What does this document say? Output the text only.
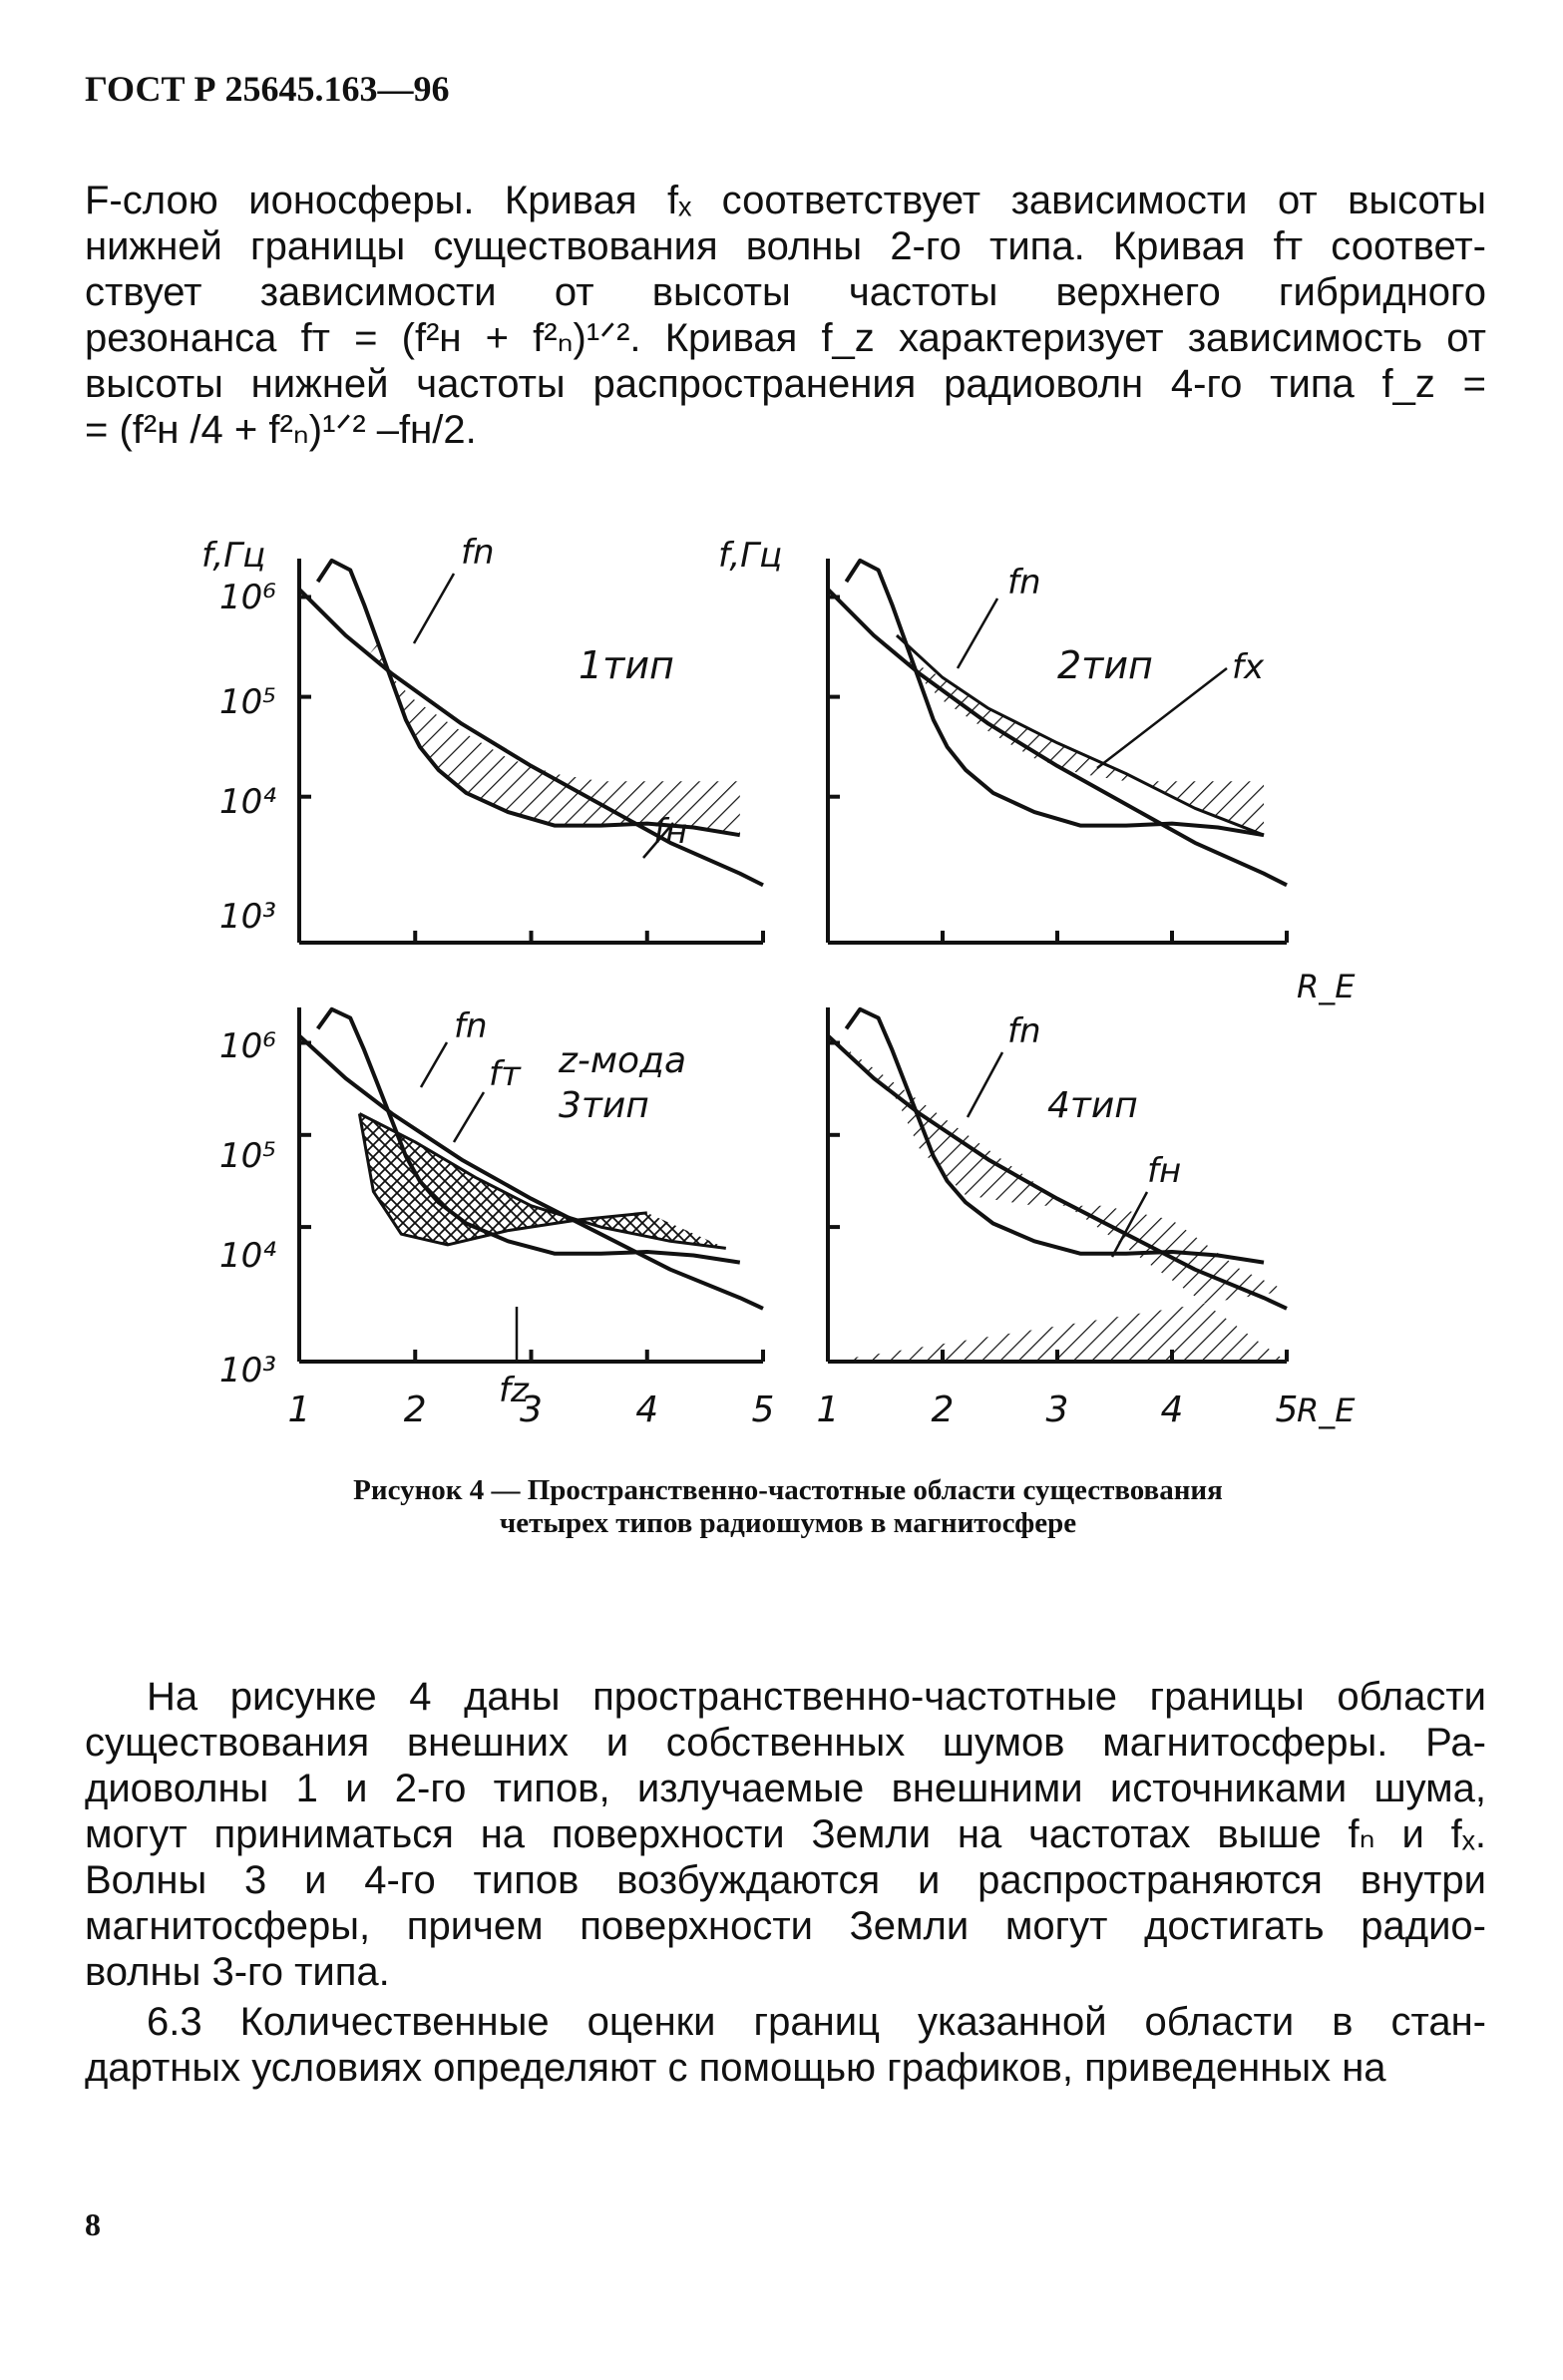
ГОСТ Р 25645.163—96
F-слою ионосферы. Кривая fₓ соответствует зависимости от высоты
нижней границы существования волны 2-го типа. Кривая fᴛ соответ-
ствует зависимости от высоты частоты верхнего гибридного
резонанса fᴛ = (f²ʜ + f²ₙ)¹ᐟ². Кривая f_z характеризует зависимость от
высоты нижней частоты распространения радиоволн 4-го типа f_z =
= (f²ʜ /4 + f²ₙ)¹ᐟ² –fʜ/2.
f,Гц	f,Гц
10⁶
10⁵
10⁴
10³
10⁶
10⁵
10⁴
10³
1	1
2	2
3	3
4	4
5	5
R_E
R_E
1тип	2тип
z-мода
3тип	4тип
fn
fн
fn
fx
fn
fт
fz
fn
fн
Рисунок 4 — Пространственно-частотные области существования
четырех типов радиошумов в магнитосфере
На рисунке 4 даны пространственно-частотные границы области
существования внешних и собственных шумов магнитосферы. Ра-
диоволны 1 и 2-го типов, излучаемые внешними источниками шума,
могут приниматься на поверхности Земли на частотах выше fₙ и fₓ.
Волны 3 и 4-го типов возбуждаются и распространяются внутри
магнитосферы, причем поверхности Земли могут достигать радио-
волны 3-го типа.
6.3 Количественные оценки границ указанной области в стан-
дартных условиях определяют с помощью графиков, приведенных на
8
